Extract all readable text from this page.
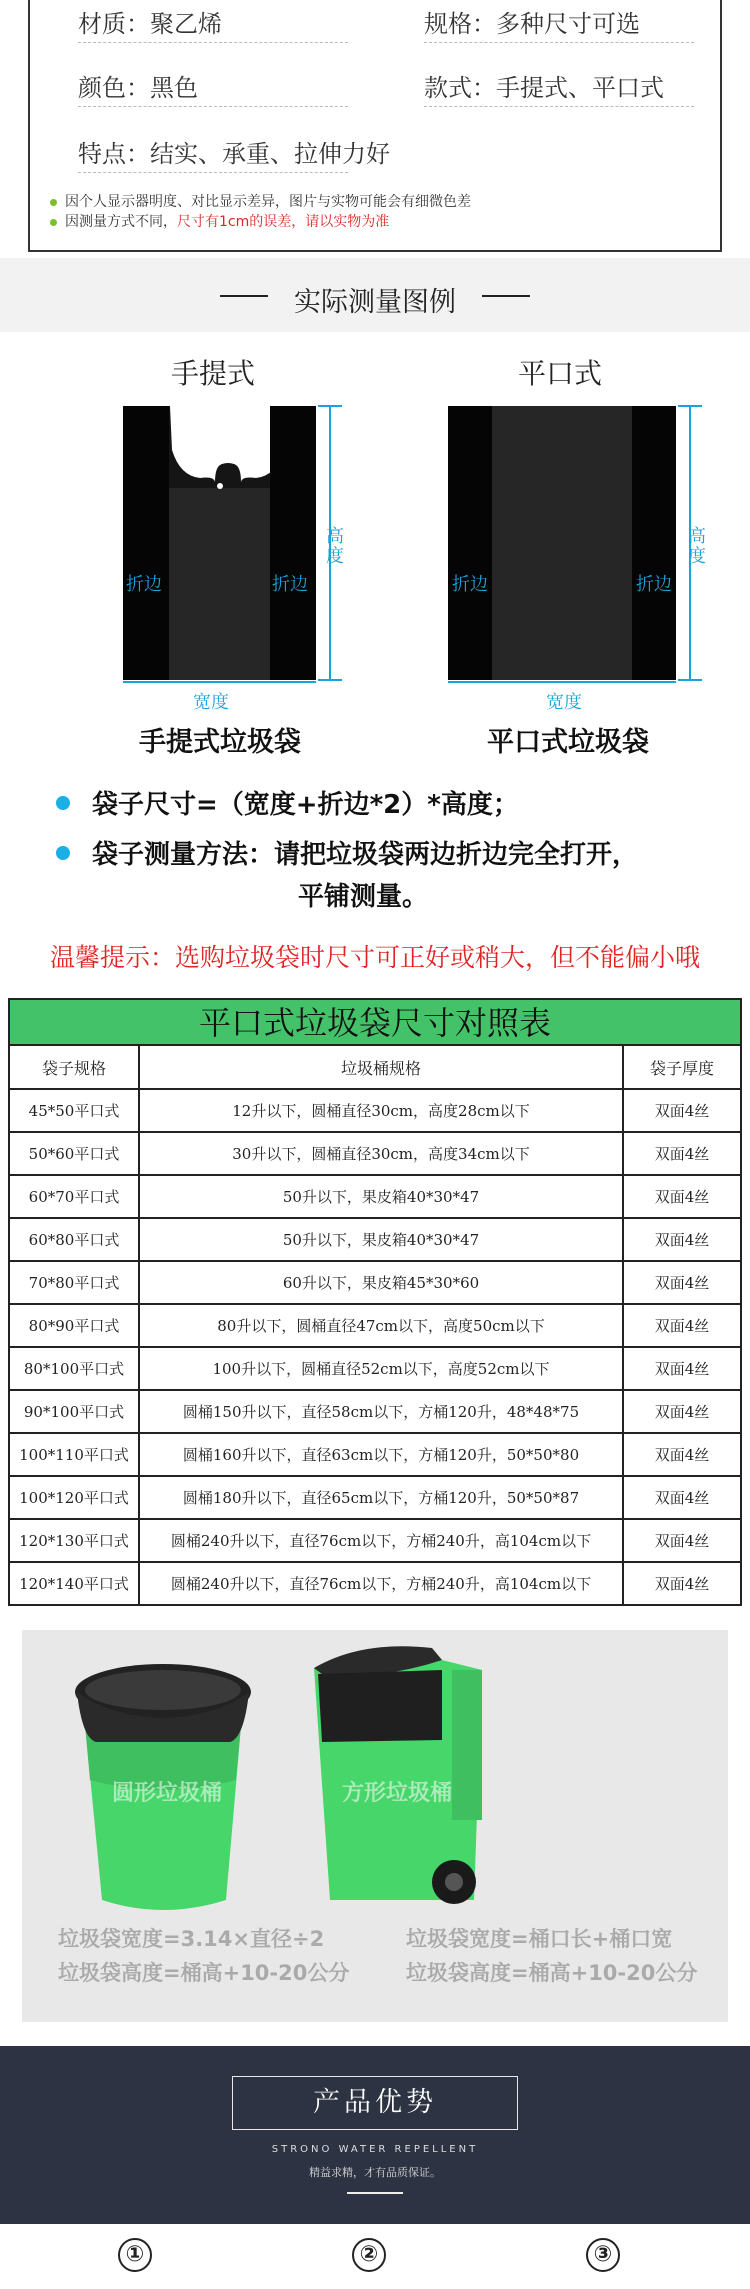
材质：聚乙烯	规格：多种尺寸可选
颜色：黑色	款式：手提式、平口式
特点：结实、承重、拉伸力好
因个人显示器明度、对比显示差异，图片与实物可能会有细微色差
因测量方式不同，尺寸有1cm的误差，请以实物为准
实际测量图例
手提式	平口式
折边	折边
高度
宽度
折边	折边
高度
宽度
手提式垃圾袋	平口式垃圾袋
袋子尺寸=（宽度+折边*2）*高度；
袋子测量方法：请把垃圾袋两边折边完全打开，
平铺测量。
温馨提示：选购垃圾袋时尺寸可正好或稍大，但不能偏小哦
平口式垃圾袋尺寸对照表
袋子规格	垃圾桶规格	袋子厚度
45*50平口式	12升以下，圆桶直径30cm，高度28cm以下	双面4丝
50*60平口式	30升以下，圆桶直径30cm，高度34cm以下	双面4丝
60*70平口式	50升以下，果皮箱40*30*47	双面4丝
60*80平口式	50升以下，果皮箱40*30*47	双面4丝
70*80平口式	60升以下，果皮箱45*30*60	双面4丝
80*90平口式	80升以下，圆桶直径47cm以下，高度50cm以下	双面4丝
80*100平口式	100升以下，圆桶直径52cm以下，高度52cm以下	双面4丝
90*100平口式	圆桶150升以下，直径58cm以下，方桶120升，48*48*75	双面4丝
100*110平口式	圆桶160升以下，直径63cm以下，方桶120升，50*50*80	双面4丝
100*120平口式	圆桶180升以下，直径65cm以下，方桶120升，50*50*87	双面4丝
120*130平口式	圆桶240升以下，直径76cm以下，方桶240升，高104cm以下	双面4丝
120*140平口式	圆桶240升以下，直径76cm以下，方桶240升，高104cm以下	双面4丝
圆形垃圾桶	方形垃圾桶
垃圾袋宽度=3.14×直径÷2
垃圾袋高度=桶高+10-20公分
垃圾袋宽度=桶口长+桶口宽
垃圾袋高度=桶高+10-20公分
产品优势
STRONO WATER REPELLENT
精益求精，才有品质保证。
①	②	③
